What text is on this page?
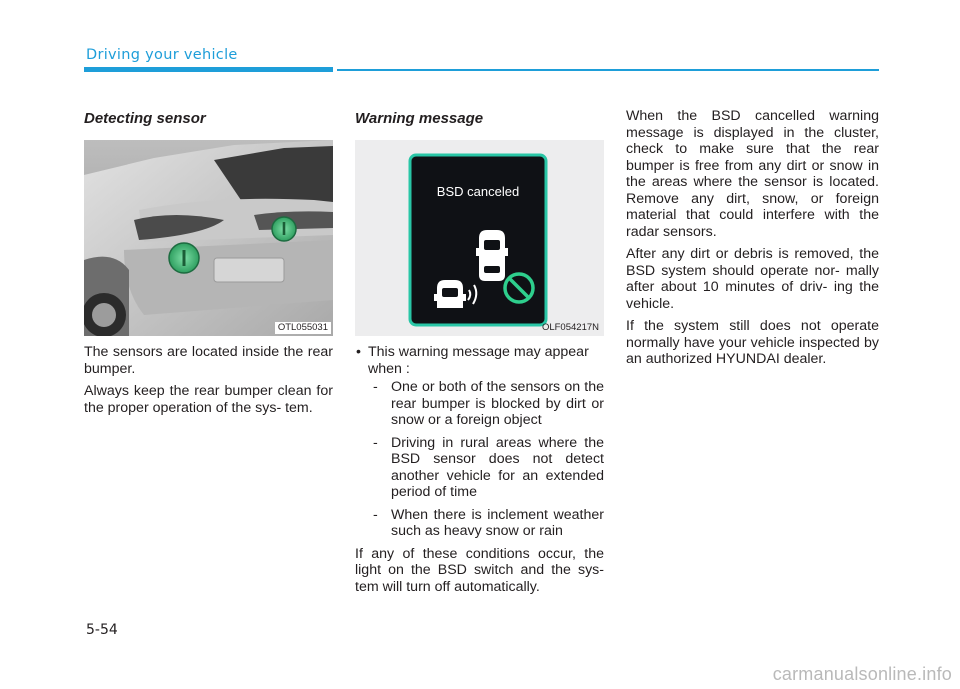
Driving your vehicle
Detecting sensor
OTL055031

The sensors are located inside the rear bumper.

Always keep the rear bumper clean for the proper operation of the sys- tem.

Warning message
BSD canceled
OLF054217N
• This warning message may appear when :
- One or both of the sensors on the rear bumper is blocked by dirt or snow or a foreign object
- Driving in rural areas where the BSD sensor does not detect another vehicle for an extended period of time
- When there is inclement weather such as heavy snow or rain

If any of these conditions occur, the light on the BSD switch and the sys- tem will turn off automatically.

When the BSD cancelled warning message is displayed in the cluster, check to make sure that the rear bumper is free from any dirt or snow in the areas where the sensor is located. Remove any dirt, snow, or foreign material that could interfere with the radar sensors.

After any dirt or debris is removed, the BSD system should operate nor- mally after about 10 minutes of driv- ing the vehicle.

If the system still does not operate normally have your vehicle inspected by an authorized HYUNDAI dealer.

5-54
carmanualsonline.info
